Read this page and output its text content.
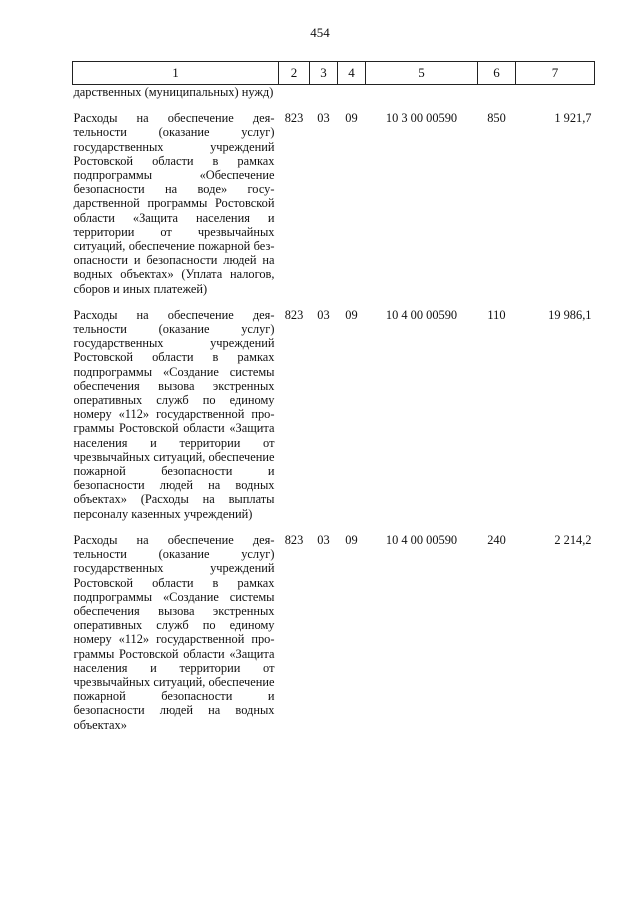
454
1	2	3	4	5	6	7
дарственных (муниципальных) нужд)						
Расходы на обеспечение деятельности (оказание услуг) государственных учреждений Ростовской области в рамках подпрограммы «Обеспечение безопасности на воде» государственной программы Ростовской области «Защита населения и территории от чрезвычайных ситуаций, обеспечение пожарной безопасности и безопасности людей на водных объектах» (Уплата налогов, сборов и иных платежей)	823	03	09	10 3 00 00590	850	1 921,7
Расходы на обеспечение деятельности (оказание услуг) государственных учреждений Ростовской области в рамках подпрограммы «Создание системы обеспечения вызова экстренных оперативных служб по единому номеру «112» государственной программы Ростовской области «Защита населения и территории от чрезвычайных ситуаций, обеспечение пожарной безопасности и безопасности людей на водных объектах» (Расходы на выплаты персоналу казенных учреждений)	823	03	09	10 4 00 00590	110	19 986,1
Расходы на обеспечение деятельности (оказание услуг) государственных учреждений Ростовской области в рамках подпрограммы «Создание системы обеспечения вызова экстренных оперативных служб по единому номеру «112» государственной программы Ростовской области «Защита населения и территории от чрезвычайных ситуаций, обеспечение пожарной безопасности и безопасности людей на водных объектах»	823	03	09	10 4 00 00590	240	2 214,2
